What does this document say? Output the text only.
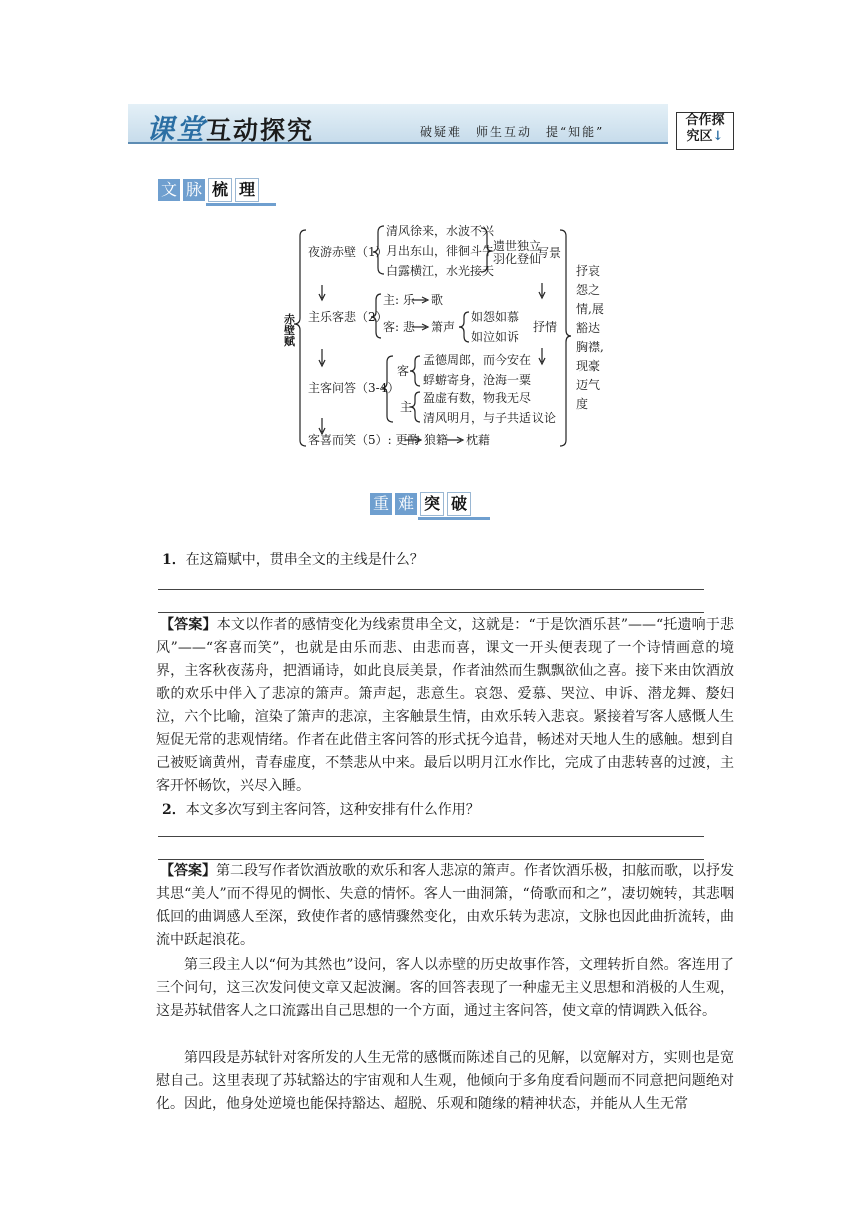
课堂互动探究	破疑难　师生互动　提“知能”
合作探
究区↓
文 脉 梳 理
赤壁赋
夜游赤壁（1）
清风徐来，水波不兴
月出东山，徘徊斗牛
白露横江，水光接天
遗世独立
羽化登仙
写景
主乐客悲（2）
主: 乐 歌
客: 悲 箫声
如怨如慕
如泣如诉
抒情
主客问答（3-4）
客
孟德周郎，而今安在
蜉蝣寄身，沧海一粟
主
盈虚有数，物我无尽
清风明月，与子共适 议论
客喜而笑（5）: 更酌 狼籍 枕藉
抒哀
怨之
情,展
豁达
胸襟,
现豪
迈气
度
重 难 突 破
1．在这篇赋中，贯串全文的主线是什么？
【答案】本文以作者的感情变化为线索贯串全文，这就是：“于是饮酒乐甚”——“托遗响于悲风”——“客喜而笑”，也就是由乐而悲、由悲而喜，课文一开头便表现了一个诗情画意的境界，主客秋夜荡舟，把酒诵诗，如此良辰美景，作者油然而生飘飘欲仙之喜。接下来由饮酒放歌的欢乐中伴入了悲凉的箫声。箫声起，悲意生。哀怨、爱慕、哭泣、申诉、潜龙舞、嫠妇泣，六个比喻，渲染了箫声的悲凉，主客触景生情，由欢乐转入悲哀。紧接着写客人感慨人生短促无常的悲观情绪。作者在此借主客问答的形式抚今追昔，畅述对天地人生的感触。想到自己被贬谪黄州，青春虚度，不禁悲从中来。最后以明月江水作比，完成了由悲转喜的过渡，主客开怀畅饮，兴尽入睡。
2．本文多次写到主客问答，这种安排有什么作用？
【答案】第二段写作者饮酒放歌的欢乐和客人悲凉的箫声。作者饮酒乐极，扣舷而歌，以抒发其思“美人”而不得见的惆怅、失意的情怀。客人一曲洞箫，“倚歌而和之”，凄切婉转，其悲咽低回的曲调感人至深，致使作者的感情骤然变化，由欢乐转为悲凉，文脉也因此曲折流转，曲流中跃起浪花。
第三段主人以“何为其然也”设问，客人以赤壁的历史故事作答，文理转折自然。客连用了三个问句，这三次发问使文章又起波澜。客的回答表现了一种虚无主义思想和消极的人生观，这是苏轼借客人之口流露出自己思想的一个方面，通过主客问答，使文章的情调跌入低谷。
第四段是苏轼针对客所发的人生无常的感慨而陈述自己的见解，以宽解对方，实则也是宽慰自己。这里表现了苏轼豁达的宇宙观和人生观，他倾向于多角度看问题而不同意把问题绝对化。因此，他身处逆境也能保持豁达、超脱、乐观和随缘的精神状态，并能从人生无常
